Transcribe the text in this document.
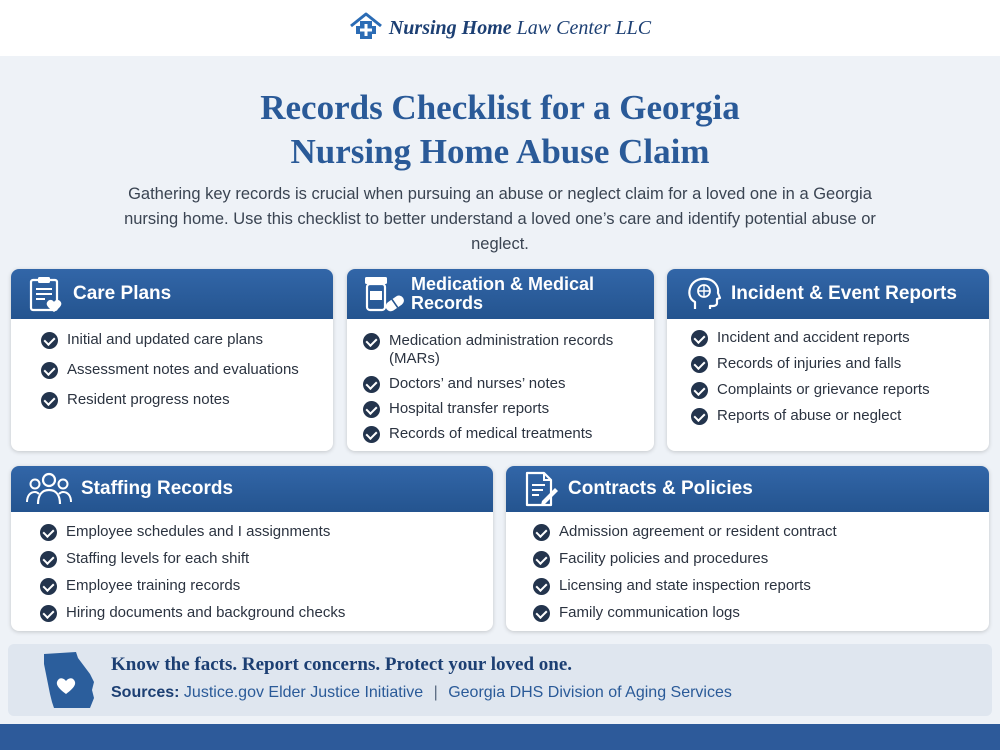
Nursing Home Law Center LLC
Records Checklist for a Georgia
Nursing Home Abuse Claim
Gathering key records is crucial when pursuing an abuse or neglect claim for a loved one in a Georgia nursing home. Use this checklist to better understand a loved one’s care and identify potential abuse or neglect.
Care Plans
Initial and updated care plans
Assessment notes and evaluations
Resident progress notes
Medication & Medical Records
Medication administration records (MARs)
Doctors’ and nurses’ notes
Hospital transfer reports
Records of medical treatments
Incident & Event Reports
Incident and accident reports
Records of injuries and falls
Complaints or grievance reports
Reports of abuse or neglect
Staffing Records
Employee schedules and I assignments
Staffing levels for each shift
Employee training records
Hiring documents and background checks
Contracts & Policies
Admission agreement or resident contract
Facility policies and procedures
Licensing and state inspection reports
Family communication logs
Know the facts. Report concerns. Protect your loved one.
Sources: Justice.gov Elder Justice Initiative | Georgia DHS Division of Aging Services
